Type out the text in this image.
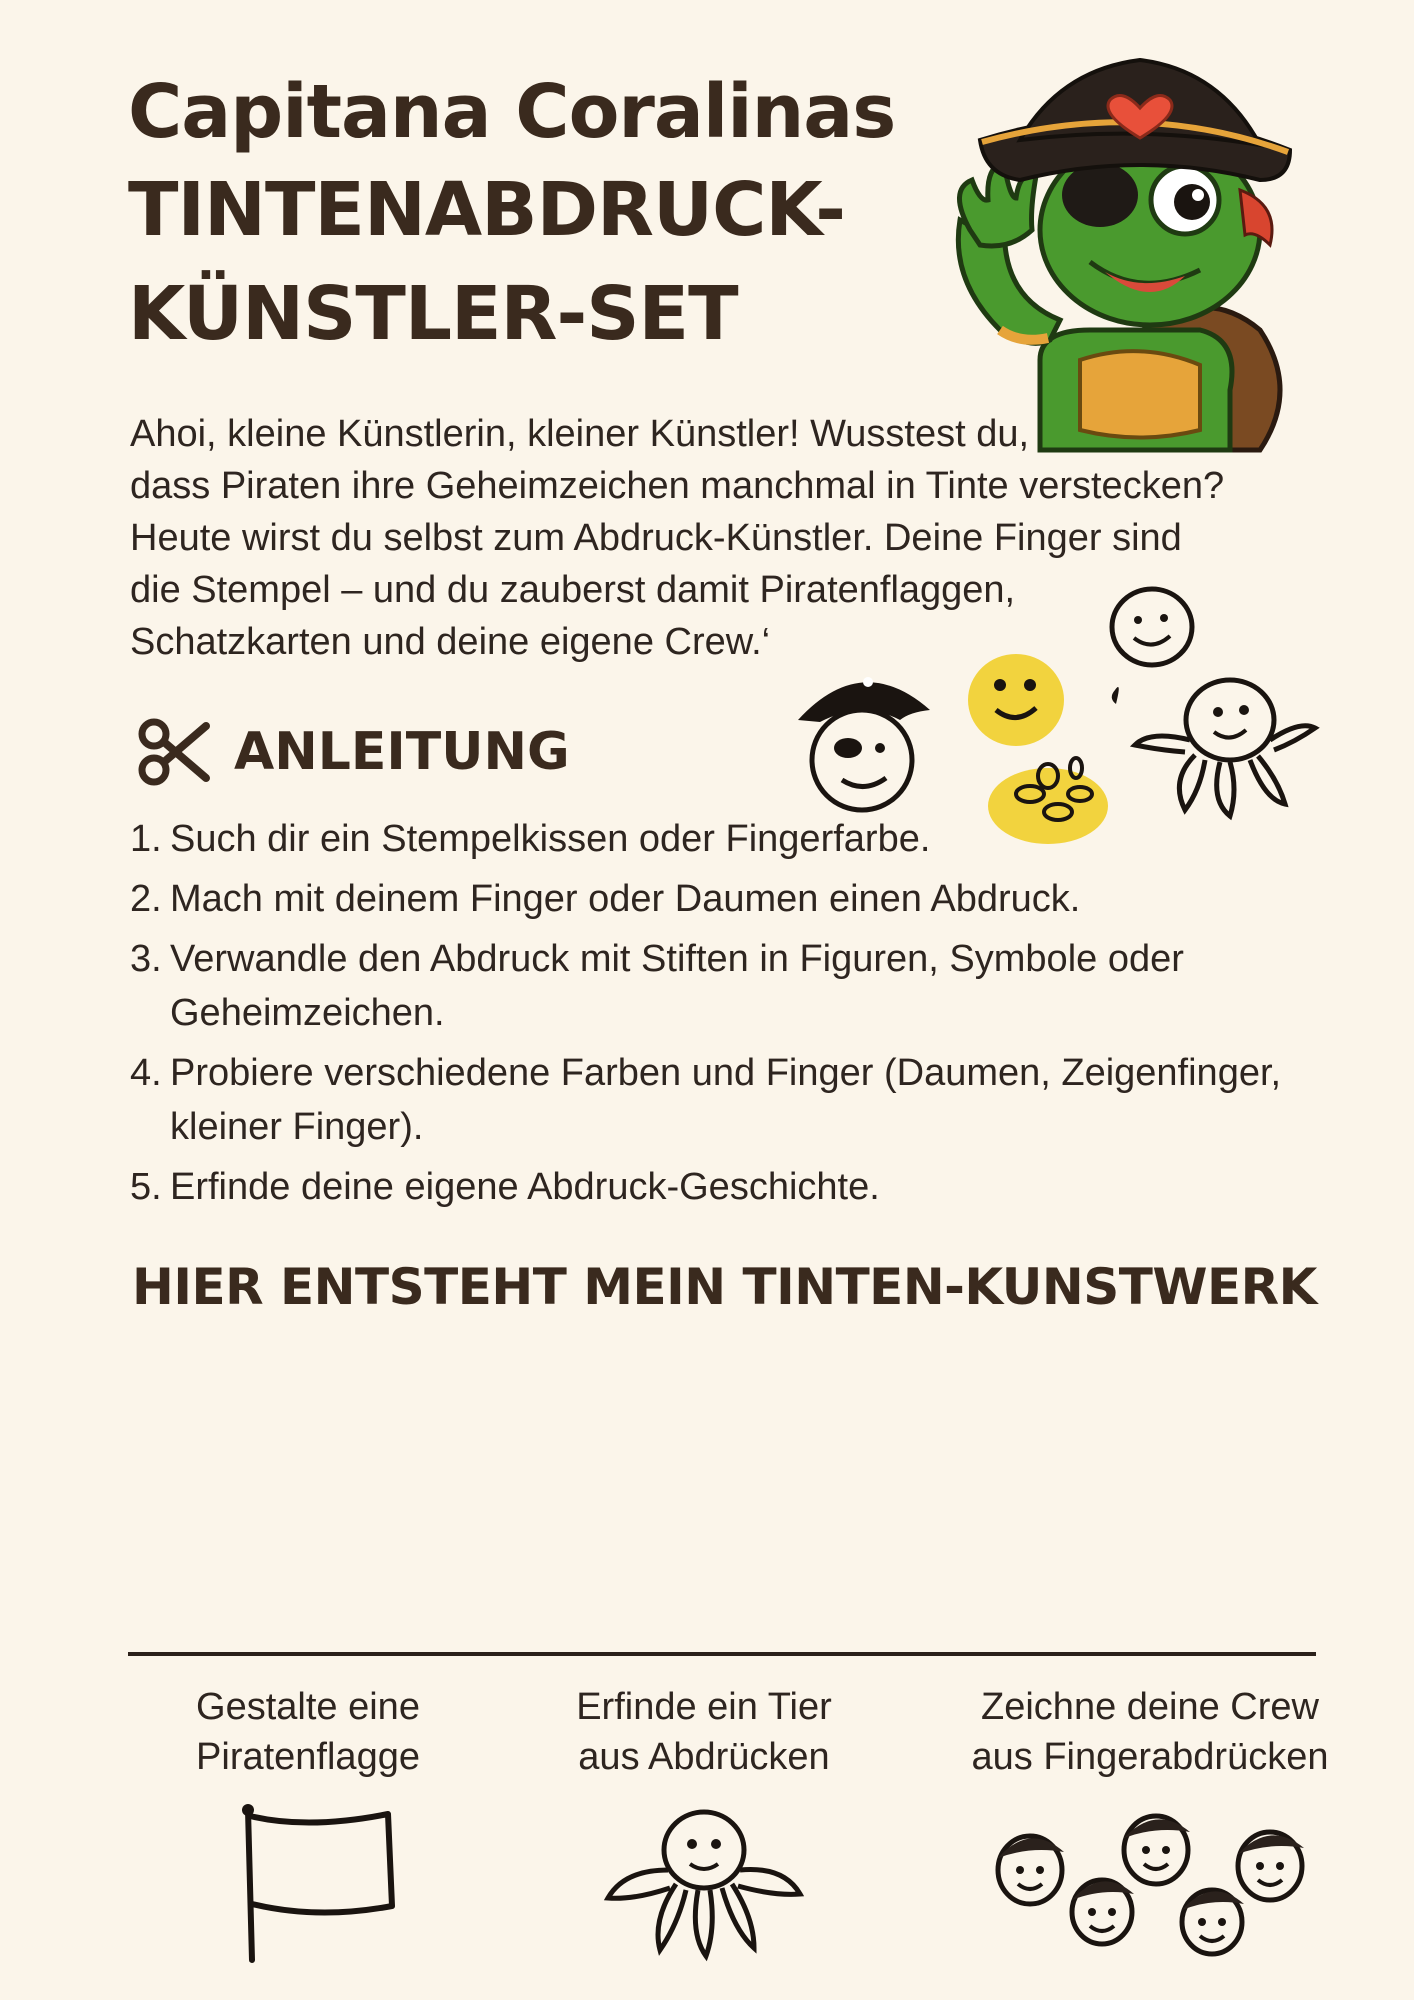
Capitana Coralinas
TINTENABDRUCK-
KÜNSTLER-SET
Ahoi, kleine Künstlerin, kleiner Künstler! Wusstest du,
dass Piraten ihre Geheimzeichen manchmal in Tinte verstecken?
Heute wirst du selbst zum Abdruck-Künstler. Deine Finger sind
die Stempel – und du zauberst damit Piratenflaggen,
Schatzkarten und deine eigene Crew.‘
ANLEITUNG
1. Such dir ein Stempelkissen oder Fingerfarbe.
2. Mach mit deinem Finger oder Daumen einen Abdruck.
3. Verwandle den Abdruck mit Stiften in Figuren, Symbole oder Geheimzeichen.
4. Probiere verschiedene Farben und Finger (Daumen, Zeigenfinger, kleiner Finger).
5. Erfinde deine eigene Abdruck-Geschichte.
HIER ENTSTEHT MEIN TINTEN-KUNSTWERK
Gestalte eine
Piratenflagge
Erfinde ein Tier
aus Abdrücken
Zeichne deine Crew
aus Fingerabdrücken
